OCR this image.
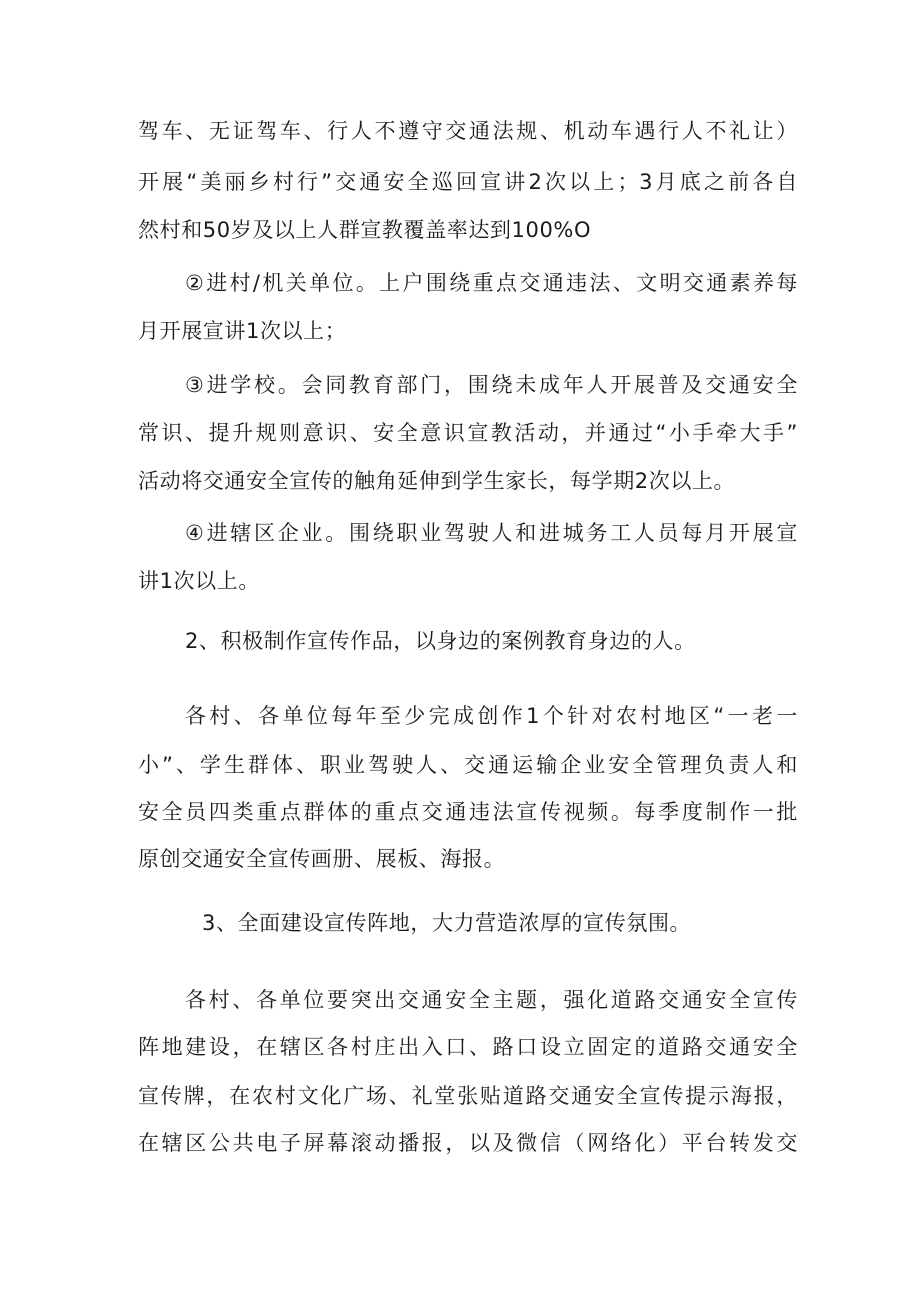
驾车、无证驾车、行人不遵守交通法规、机动车遇行人不礼让）
开展“美丽乡村行”交通安全巡回宣讲2次以上；3月底之前各自
然村和50岁及以上人群宣教覆盖率达到100%O
②进村/机关单位。上户围绕重点交通违法、文明交通素养每
月开展宣讲1次以上；
③进学校。会同教育部门，围绕未成年人开展普及交通安全
常识、提升规则意识、安全意识宣教活动，并通过“小手牵大手”
活动将交通安全宣传的触角延伸到学生家长，每学期2次以上。
④进辖区企业。围绕职业驾驶人和进城务工人员每月开展宣
讲1次以上。
2、积极制作宣传作品，以身边的案例教育身边的人。
各村、各单位每年至少完成创作1个针对农村地区“一老一
小”、学生群体、职业驾驶人、交通运输企业安全管理负责人和
安全员四类重点群体的重点交通违法宣传视频。每季度制作一批
原创交通安全宣传画册、展板、海报。
3、全面建设宣传阵地，大力营造浓厚的宣传氛围。
各村、各单位要突出交通安全主题，强化道路交通安全宣传
阵地建设，在辖区各村庄出入口、路口设立固定的道路交通安全
宣传牌，在农村文化广场、礼堂张贴道路交通安全宣传提示海报，
在辖区公共电子屏幕滚动播报，以及微信（网络化）平台转发交
